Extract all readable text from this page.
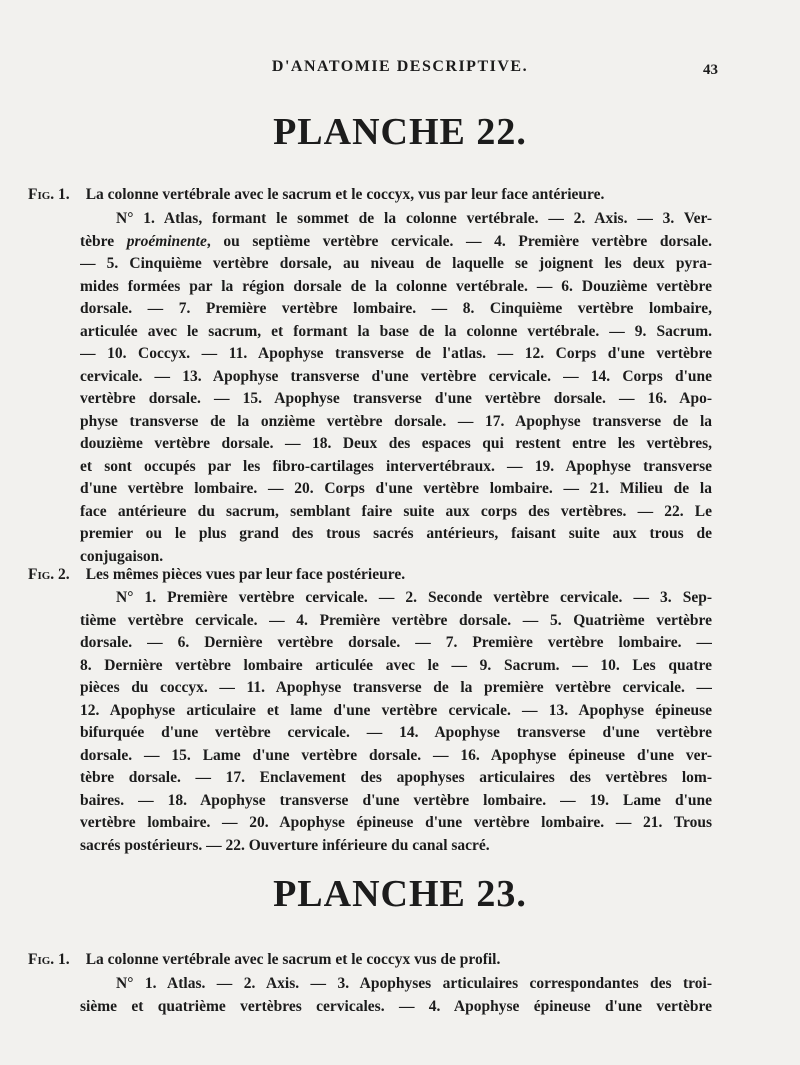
D'ANATOMIE DESCRIPTIVE.	43
PLANCHE 22.
Fig. 1. La colonne vertébrale avec le sacrum et le coccyx, vus par leur face antérieure.
N° 1. Atlas, formant le sommet de la colonne vertébrale. — 2. Axis. — 3. Ver-
tèbre proéminente, ou septième vertèbre cervicale. — 4. Première vertèbre dorsale.
— 5. Cinquième vertèbre dorsale, au niveau de laquelle se joignent les deux pyra-
mides formées par la région dorsale de la colonne vertébrale. — 6. Douzième vertèbre
dorsale. — 7. Première vertèbre lombaire. — 8. Cinquième vertèbre lombaire,
articulée avec le sacrum, et formant la base de la colonne vertébrale. — 9. Sacrum.
— 10. Coccyx. — 11. Apophyse transverse de l'atlas. — 12. Corps d'une vertèbre
cervicale. — 13. Apophyse transverse d'une vertèbre cervicale. — 14. Corps d'une
vertèbre dorsale. — 15. Apophyse transverse d'une vertèbre dorsale. — 16. Apo-
physe transverse de la onzième vertèbre dorsale. — 17. Apophyse transverse de la
douzième vertèbre dorsale. — 18. Deux des espaces qui restent entre les vertèbres,
et sont occupés par les fibro-cartilages intervertébraux. — 19. Apophyse transverse
d'une vertèbre lombaire. — 20. Corps d'une vertèbre lombaire. — 21. Milieu de la
face antérieure du sacrum, semblant faire suite aux corps des vertèbres. — 22. Le
premier ou le plus grand des trous sacrés antérieurs, faisant suite aux trous de
conjugaison.
Fig. 2. Les mêmes pièces vues par leur face postérieure.
N° 1. Première vertèbre cervicale. — 2. Seconde vertèbre cervicale. — 3. Sep-
tième vertèbre cervicale. — 4. Première vertèbre dorsale. — 5. Quatrième vertèbre
dorsale. — 6. Dernière vertèbre dorsale. — 7. Première vertèbre lombaire. —
8. Dernière vertèbre lombaire articulée avec le — 9. Sacrum. — 10. Les quatre
pièces du coccyx. — 11. Apophyse transverse de la première vertèbre cervicale. —
12. Apophyse articulaire et lame d'une vertèbre cervicale. — 13. Apophyse épineuse
bifurquée d'une vertèbre cervicale. — 14. Apophyse transverse d'une vertèbre
dorsale. — 15. Lame d'une vertèbre dorsale. — 16. Apophyse épineuse d'une ver-
tèbre dorsale. — 17. Enclavement des apophyses articulaires des vertèbres lom-
baires. — 18. Apophyse transverse d'une vertèbre lombaire. — 19. Lame d'une
vertèbre lombaire. — 20. Apophyse épineuse d'une vertèbre lombaire. — 21. Trous
sacrés postérieurs. — 22. Ouverture inférieure du canal sacré.
PLANCHE 23.
Fig. 1. La colonne vertébrale avec le sacrum et le coccyx vus de profil.
N° 1. Atlas. — 2. Axis. — 3. Apophyses articulaires correspondantes des troi-
sième et quatrième vertèbres cervicales. — 4. Apophyse épineuse d'une vertèbre
